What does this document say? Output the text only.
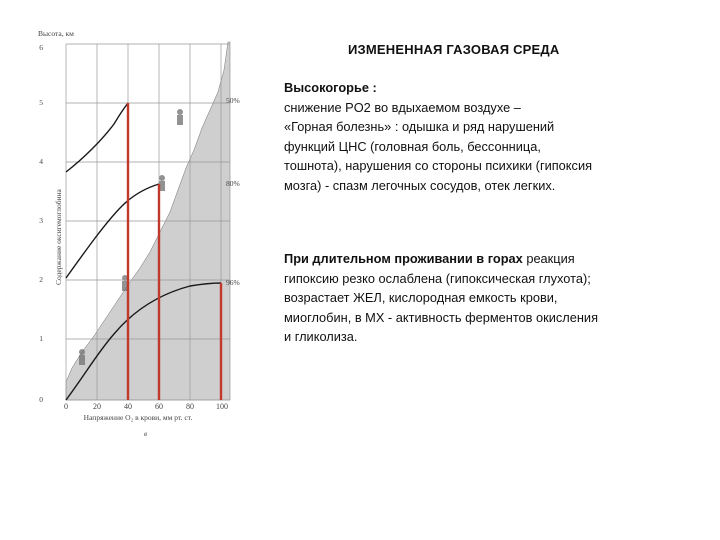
ИЗМЕНЕННАЯ ГАЗОВАЯ СРЕДА
Высокогорье :
снижение PO2 во вдыхаемом воздухе –
«Горная болезнь» : одышка и ряд нарушений
функций ЦНС (головная боль, бессонница,
тошнота), нарушения со стороны психики (гипоксия
мозга) - спазм легочных сосудов, отек легких.
При длительном проживании в горах реакция
гипоксию резко ослаблена (гипоксическая глухота);
возрастает ЖЕЛ, кислородная емкость крови,
миоглобин, в МХ - активность ферментов окисления
и гликолиза.
Высота, км
Содержание оксигемоглобина
0
1
2
3
4
5
6
0	20	40	60	80	100
50%
80%
96%
Напряжение O₂ в крови, мм рт. ст.
в
